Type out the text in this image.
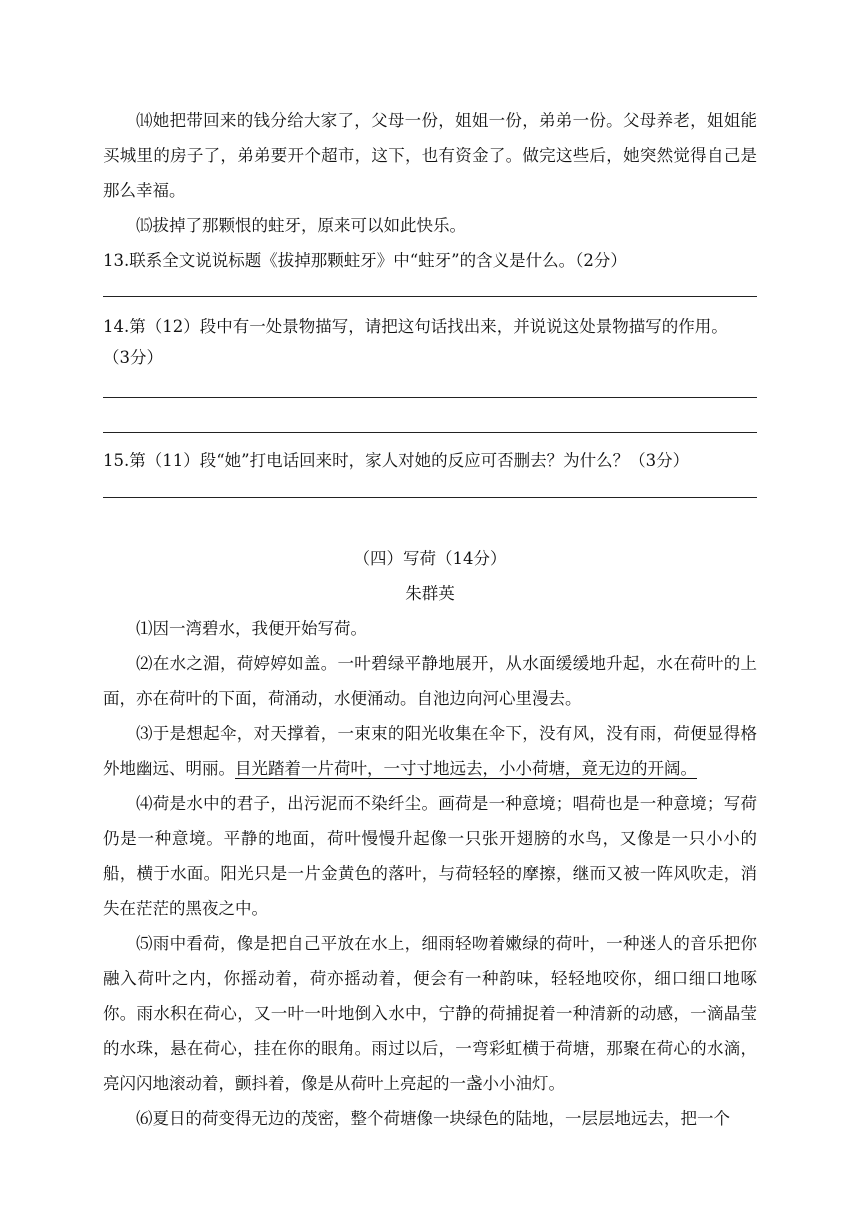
⒁她把带回来的钱分给大家了，父母一份，姐姐一份，弟弟一份。父母养老，姐姐能买城里的房子了，弟弟要开个超市，这下，也有资金了。做完这些后，她突然觉得自己是那么幸福。

⒂拔掉了那颗恨的蛀牙，原来可以如此快乐。

13.联系全文说说标题《拔掉那颗蛀牙》中“蛀牙”的含义是什么。（2分）

14.第（12）段中有一处景物描写，请把这句话找出来，并说说这处景物描写的作用。

（3分）

15.第（11）段“她”打电话回来时，家人对她的反应可否删去？为什么？（3分）

（四）写荷（14分）

朱群英

⑴因一湾碧水，我便开始写荷。

⑵在水之湄，荷婷婷如盖。一叶碧绿平静地展开，从水面缓缓地升起，水在荷叶的上面，亦在荷叶的下面，荷涌动，水便涌动。自池边向河心里漫去。

⑶于是想起伞，对天撑着，一束束的阳光收集在伞下，没有风，没有雨，荷便显得格外地幽远、明丽。目光踏着一片荷叶，一寸寸地远去，小小荷塘，竟无边的开阔。

⑷荷是水中的君子，出污泥而不染纤尘。画荷是一种意境；唱荷也是一种意境；写荷仍是一种意境。平静的地面，荷叶慢慢升起像一只张开翅膀的水鸟，又像是一只小小的船，横于水面。阳光只是一片金黄色的落叶，与荷轻轻的摩擦，继而又被一阵风吹走，消失在茫茫的黑夜之中。

⑸雨中看荷，像是把自己平放在水上，细雨轻吻着嫩绿的荷叶，一种迷人的音乐把你融入荷叶之内，你摇动着，荷亦摇动着，便会有一种韵味，轻轻地咬你，细口细口地啄你。雨水积在荷心，又一叶一叶地倒入水中，宁静的荷捕捉着一种清新的动感，一滴晶莹的水珠，悬在荷心，挂在你的眼角。雨过以后，一弯彩虹横于荷塘，那聚在荷心的水滴，亮闪闪地滚动着，颤抖着，像是从荷叶上亮起的一盏小小油灯。

⑹夏日的荷变得无边的茂密，整个荷塘像一块绿色的陆地，一层层地远去，把一个
